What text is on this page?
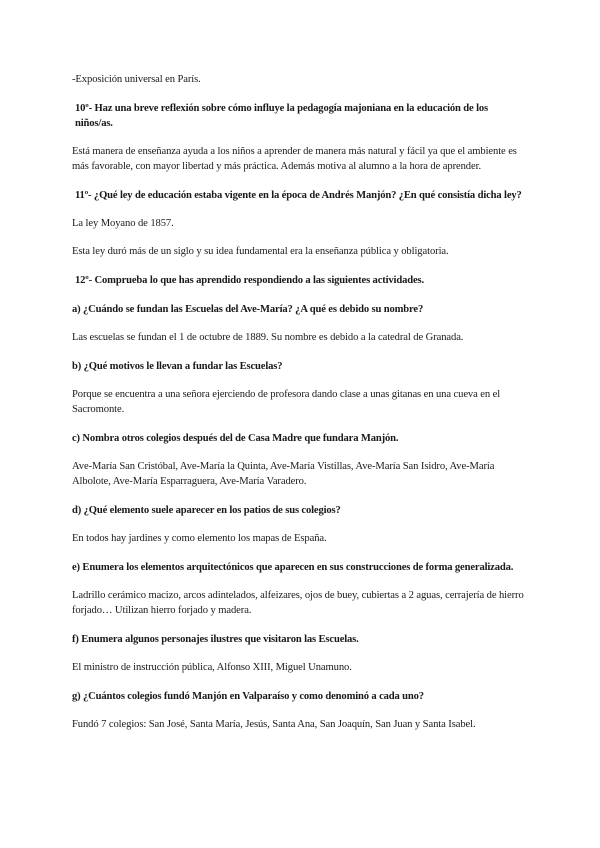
-Exposición universal en París.

10º- Haz una breve reflexión sobre cómo influye la pedagogía majoniana en la educación de los niños/as.

Está manera de enseñanza ayuda a los niños a aprender de manera más natural y fácil ya que el ambiente es más favorable, con mayor libertad y más práctica. Además motiva al alumno a la hora de aprender.

11º- ¿Qué ley de educación estaba vigente en la época de Andrés Manjón? ¿En qué consistía dicha ley?

La ley Moyano de 1857.

Esta ley duró más de un siglo y su idea fundamental era la enseñanza pública y obligatoria.

12º- Comprueba lo que has aprendido respondiendo a las siguientes actividades.

a) ¿Cuándo se fundan las Escuelas del Ave-María? ¿A qué es debido su nombre?

Las escuelas se fundan el 1 de octubre de 1889. Su nombre es debido a la catedral de Granada.

b) ¿Qué motivos le llevan a fundar las Escuelas?

Porque se encuentra a una señora ejerciendo de profesora dando clase a unas gitanas en una cueva en el Sacromonte.

c) Nombra otros colegios después del de Casa Madre que fundara Manjón.

Ave-María San Cristóbal, Ave-María la Quinta, Ave-María Vistillas, Ave-María San Isidro, Ave-María Albolote, Ave-María Esparraguera, Ave-María Varadero.

d) ¿Qué elemento suele aparecer en los patios de sus colegios?

En todos hay jardines y como elemento los mapas de España.

e) Enumera los elementos arquitectónicos que aparecen en sus construcciones de forma generalizada.

Ladrillo cerámico macizo, arcos adintelados, alfeizares, ojos de buey, cubiertas a 2 aguas, cerrajería de hierro forjado… Utilizan hierro forjado y madera.

f) Enumera algunos personajes ilustres que visitaron las Escuelas.

El ministro de instrucción pública, Alfonso XIII, Miguel Unamuno.

g) ¿Cuántos colegios fundó Manjón en Valparaíso y como denominó a cada uno?

Fundó 7 colegios: San José, Santa María, Jesús, Santa Ana, San Joaquín, San Juan y Santa Isabel.
